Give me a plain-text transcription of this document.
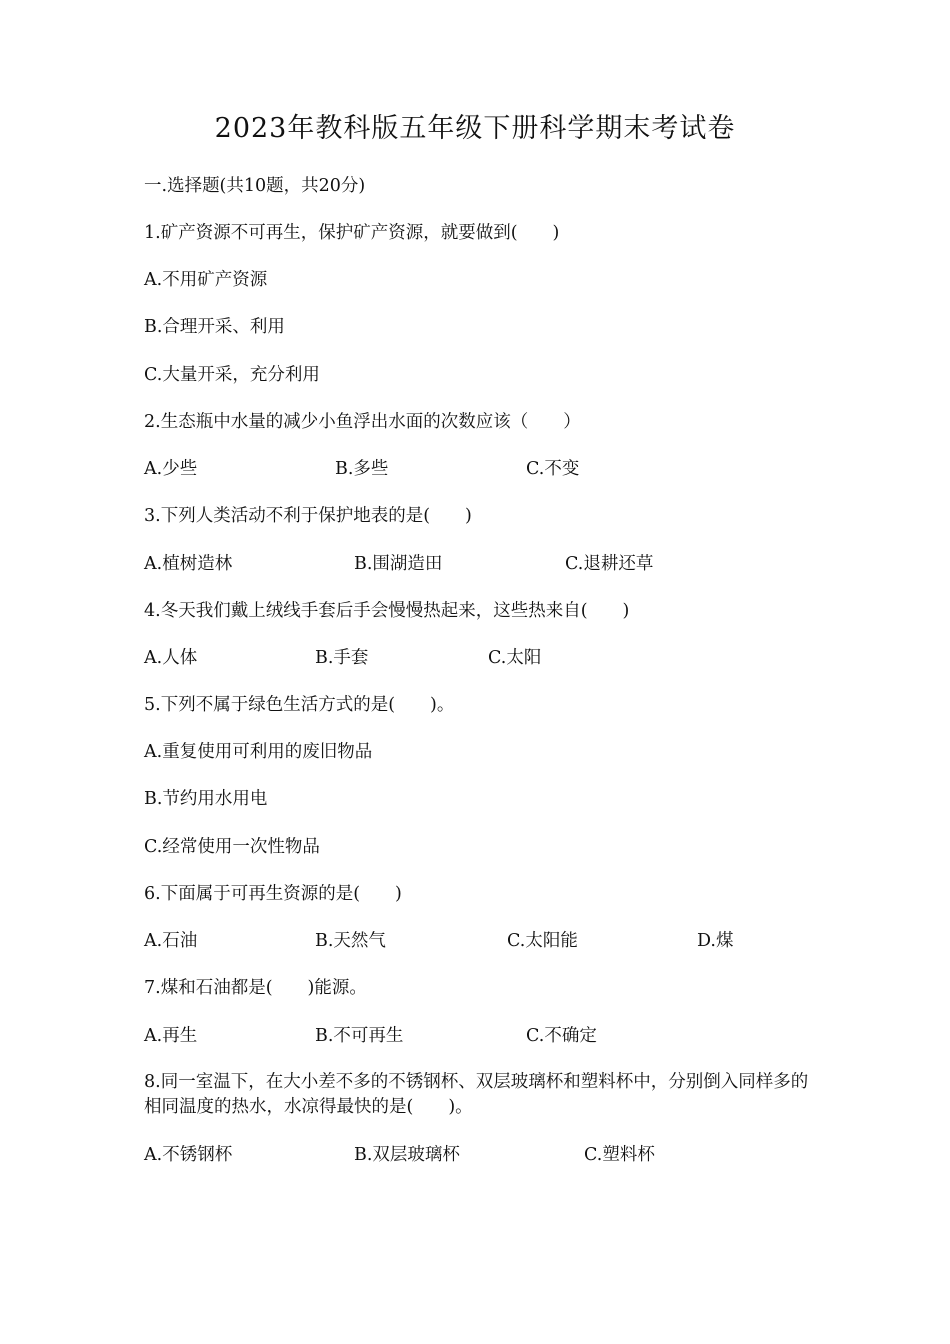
2023年教科版五年级下册科学期末考试卷
一.选择题(共10题，共20分)
1.矿产资源不可再生，保护矿产资源，就要做到(　　)
A.不用矿产资源
B.合理开采、利用
C.大量开采，充分利用
2.生态瓶中水量的减少小鱼浮出水面的次数应该（　　）
A.少些	B.多些	C.不变
3.下列人类活动不利于保护地表的是(　　)
A.植树造林	B.围湖造田	C.退耕还草
4.冬天我们戴上绒线手套后手会慢慢热起来，这些热来自(　　)
A.人体	B.手套	C.太阳
5.下列不属于绿色生活方式的是(　　)。
A.重复使用可利用的废旧物品
B.节约用水用电
C.经常使用一次性物品
6.下面属于可再生资源的是(　　)
A.石油	B.天然气	C.太阳能	D.煤
7.煤和石油都是(　　)能源。
A.再生	B.不可再生	C.不确定
8.同一室温下，在大小差不多的不锈钢杯、双层玻璃杯和塑料杯中，分别倒入同样多的相同温度的热水，水凉得最快的是(　　)。
A.不锈钢杯	B.双层玻璃杯	C.塑料杯
